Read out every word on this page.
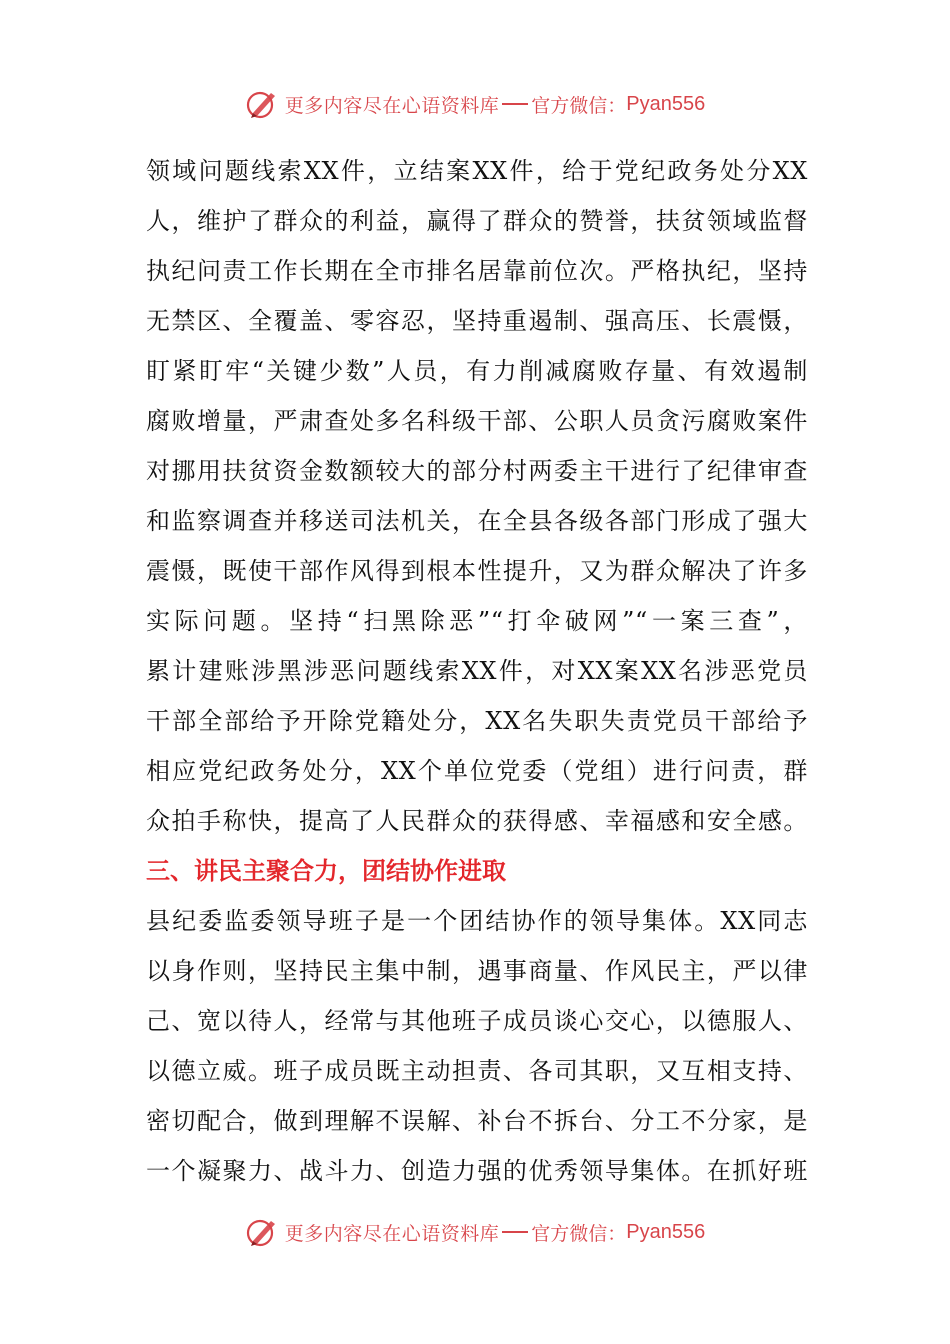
更多内容尽在心语资料库 官方微信： Pyan556
领域问题线索XX件，立结案XX件，给于党纪政务处分XX
人，维护了群众的利益，赢得了群众的赞誉，扶贫领域监督
执纪问责工作长期在全市排名居靠前位次。严格执纪，坚持
无禁区、全覆盖、零容忍，坚持重遏制、强高压、长震慑，
盯紧盯牢“关键少数”人员，有力削减腐败存量、有效遏制
腐败增量，严肃查处多名科级干部、公职人员贪污腐败案件
对挪用扶贫资金数额较大的部分村两委主干进行了纪律审查
和监察调查并移送司法机关，在全县各级各部门形成了强大
震慑，既使干部作风得到根本性提升，又为群众解决了许多
实际问题。坚持“扫黑除恶”“打伞破网”“一案三查”，
累计建账涉黑涉恶问题线索XX件，对XX案XX名涉恶党员
干部全部给予开除党籍处分，XX名失职失责党员干部给予
相应党纪政务处分，XX个单位党委（党组）进行问责，群
众拍手称快，提高了人民群众的获得感、幸福感和安全感。
三、讲民主聚合力，团结协作进取
县纪委监委领导班子是一个团结协作的领导集体。XX同志
以身作则，坚持民主集中制，遇事商量、作风民主，严以律
己、宽以待人，经常与其他班子成员谈心交心，以德服人、
以德立威。班子成员既主动担责、各司其职，又互相支持、
密切配合，做到理解不误解、补台不拆台、分工不分家，是
一个凝聚力、战斗力、创造力强的优秀领导集体。在抓好班
更多内容尽在心语资料库 官方微信： Pyan556
